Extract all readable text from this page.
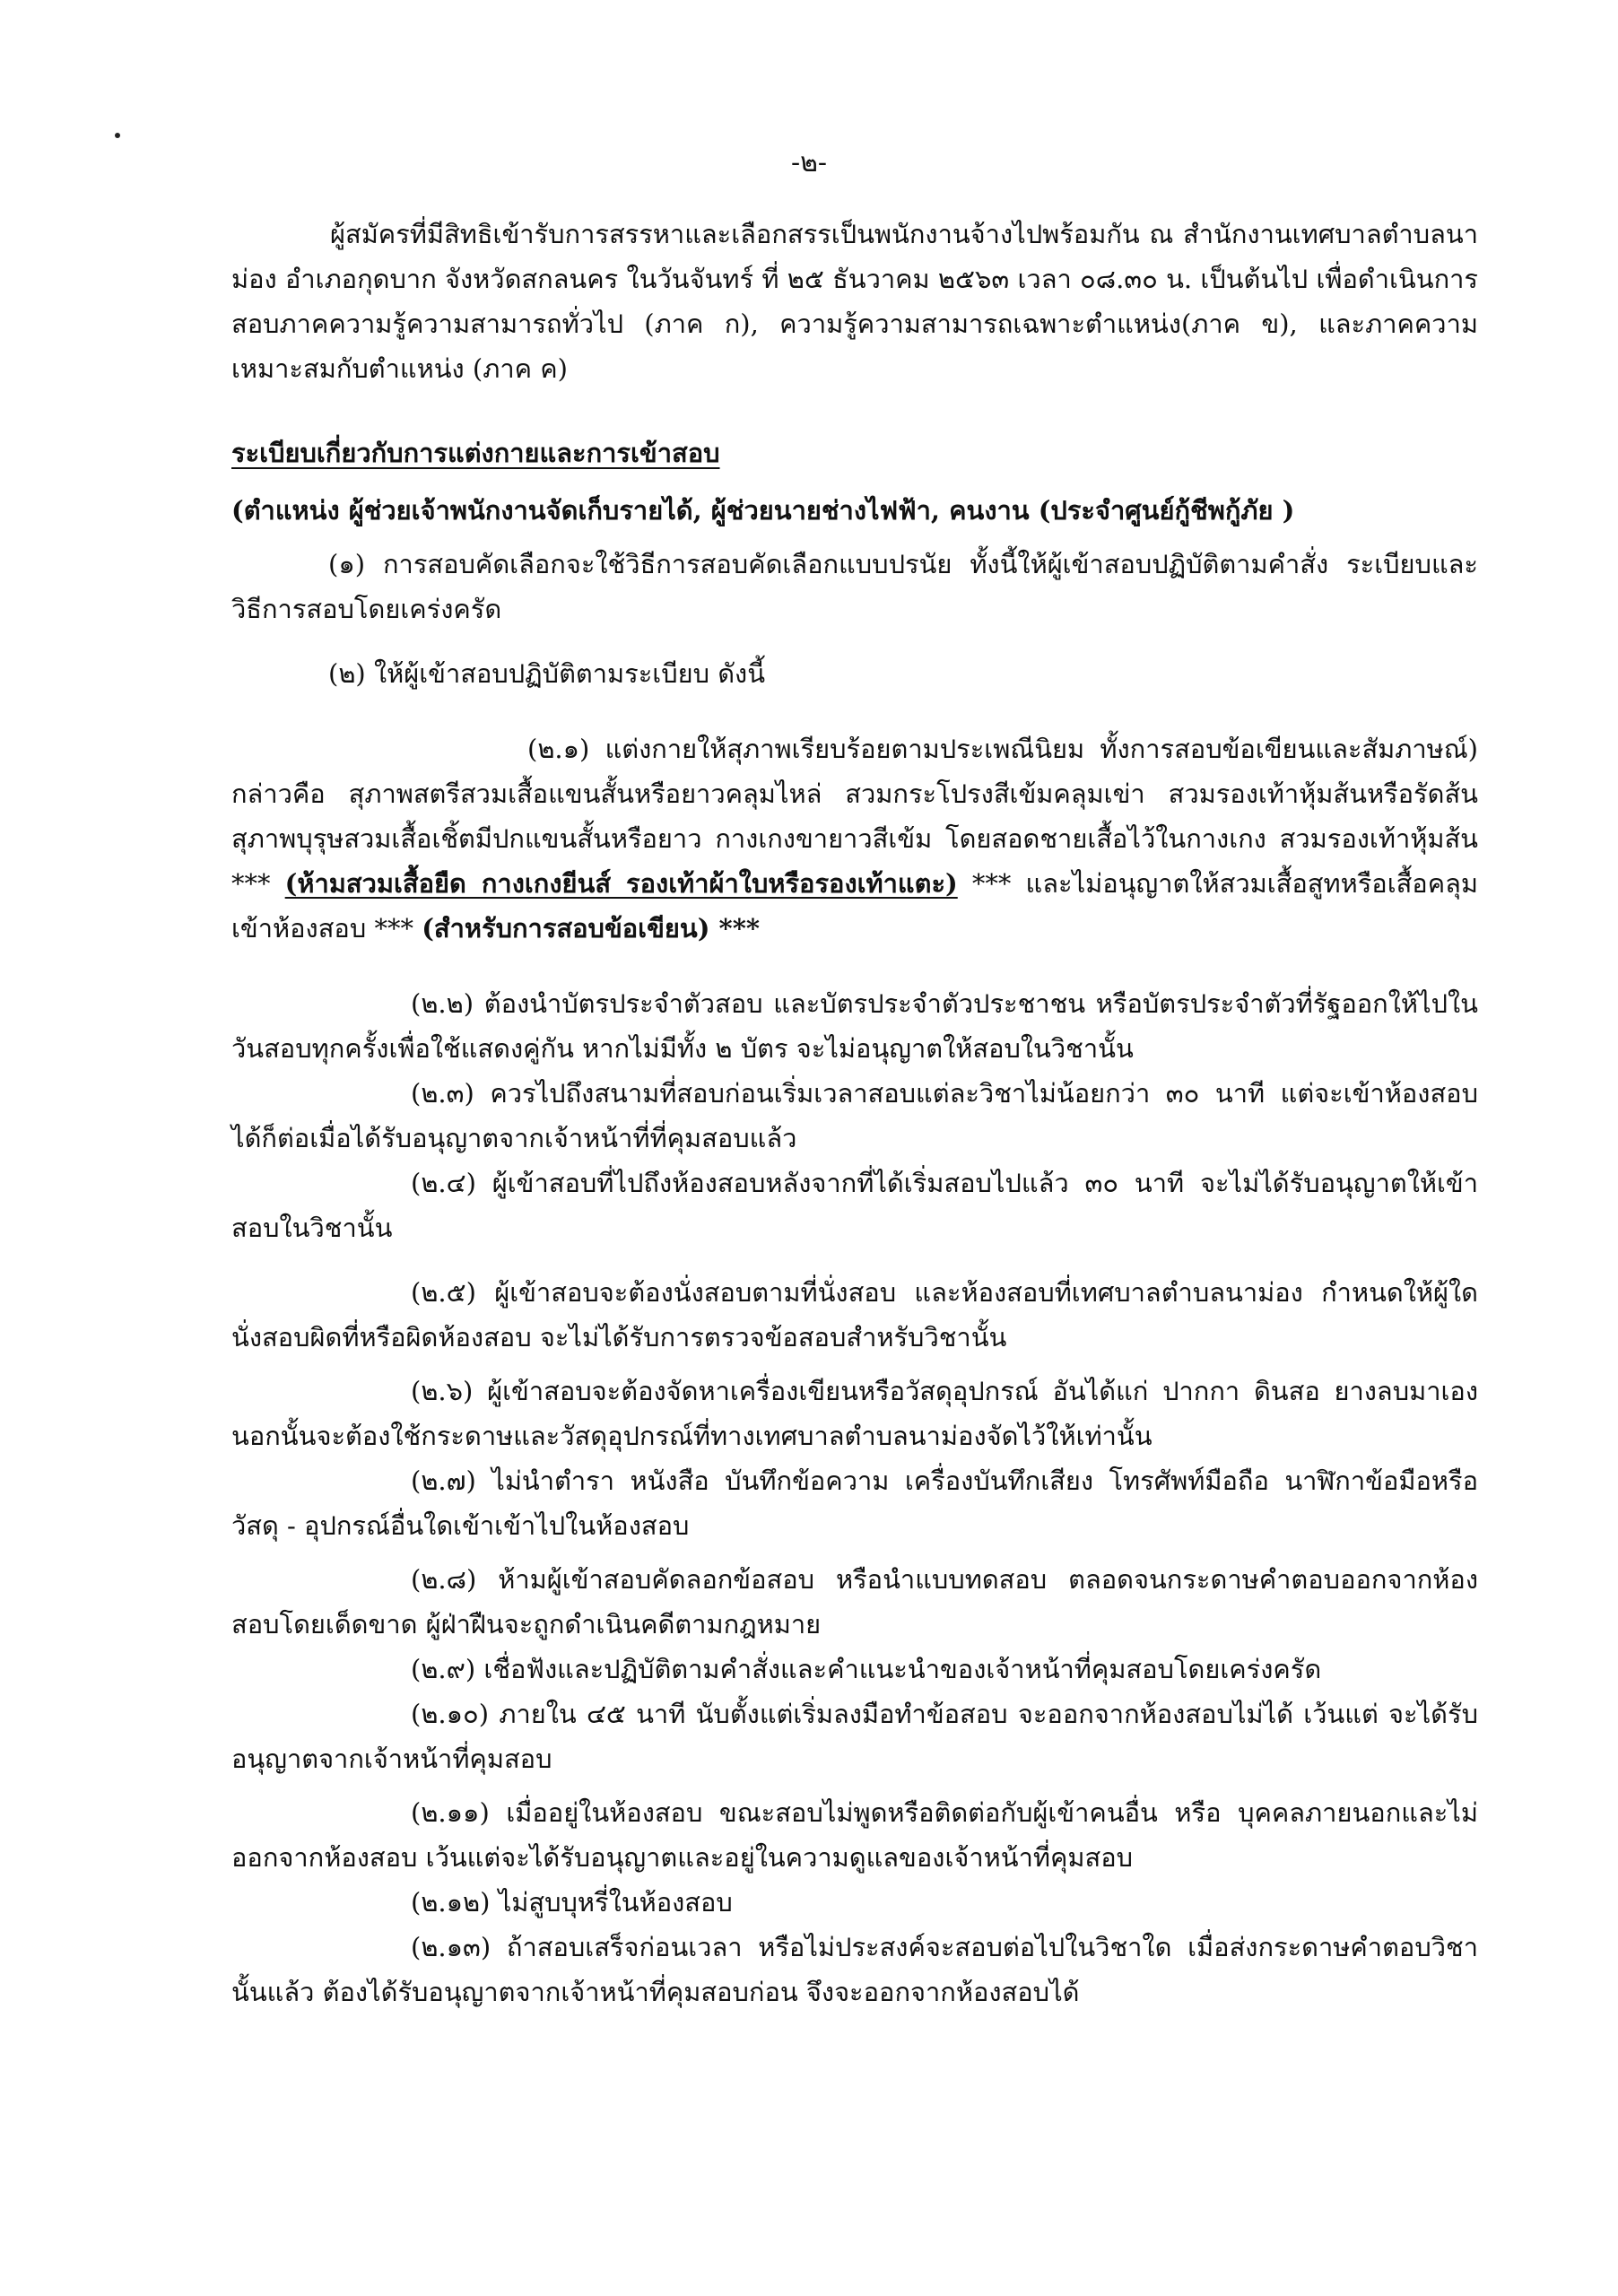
-๒-

ผู้สมัครที่มีสิทธิเข้ารับการสรรหาและเลือกสรรเป็นพนักงานจ้างไปพร้อมกัน ณ สำนักงานเทศบาลตำบลนาม่อง อำเภอกุดบาก จังหวัดสกลนคร ในวันจันทร์ ที่ ๒๕ ธันวาคม ๒๕๖๓ เวลา ๐๘.๓๐ น. เป็นต้นไป เพื่อดำเนินการสอบภาคความรู้ความสามารถทั่วไป (ภาค ก), ความรู้ความสามารถเฉพาะตำแหน่ง(ภาค ข), และภาคความเหมาะสมกับตำแหน่ง (ภาค ค)

ระเบียบเกี่ยวกับการแต่งกายและการเข้าสอบ

(ตำแหน่ง ผู้ช่วยเจ้าพนักงานจัดเก็บรายได้, ผู้ช่วยนายช่างไฟฟ้า, คนงาน (ประจำศูนย์กู้ชีพกู้ภัย )

(๑) การสอบคัดเลือกจะใช้วิธีการสอบคัดเลือกแบบปรนัย ทั้งนี้ให้ผู้เข้าสอบปฏิบัติตามคำสั่ง ระเบียบและวิธีการสอบโดยเคร่งครัด

(๒) ให้ผู้เข้าสอบปฏิบัติตามระเบียบ ดังนี้

(๒.๑) แต่งกายให้สุภาพเรียบร้อยตามประเพณีนิยม ทั้งการสอบข้อเขียนและสัมภาษณ์) กล่าวคือ สุภาพสตรีสวมเสื้อแขนสั้นหรือยาวคลุมไหล่ สวมกระโปรงสีเข้มคลุมเข่า สวมรองเท้าหุ้มส้นหรือรัดส้น สุภาพบุรุษสวมเสื้อเชิ้ตมีปกแขนสั้นหรือยาว กางเกงขายาวสีเข้ม โดยสอดชายเสื้อไว้ในกางเกง สวมรองเท้าหุ้มส้น *** (ห้ามสวมเสื้อยืด กางเกงยีนส์ รองเท้าผ้าใบหรือรองเท้าแตะ) *** และไม่อนุญาตให้สวมเสื้อสูทหรือเสื้อคลุมเข้าห้องสอบ *** (สำหรับการสอบข้อเขียน) ***

(๒.๒) ต้องนำบัตรประจำตัวสอบ และบัตรประจำตัวประชาชน หรือบัตรประจำตัวที่รัฐออกให้ไปในวันสอบทุกครั้งเพื่อใช้แสดงคู่กัน หากไม่มีทั้ง ๒ บัตร จะไม่อนุญาตให้สอบในวิชานั้น

(๒.๓) ควรไปถึงสนามที่สอบก่อนเริ่มเวลาสอบแต่ละวิชาไม่น้อยกว่า ๓๐ นาที แต่จะเข้าห้องสอบได้ก็ต่อเมื่อได้รับอนุญาตจากเจ้าหน้าที่ที่คุมสอบแล้ว

(๒.๔) ผู้เข้าสอบที่ไปถึงห้องสอบหลังจากที่ได้เริ่มสอบไปแล้ว ๓๐ นาที จะไม่ได้รับอนุญาตให้เข้าสอบในวิชานั้น

(๒.๕) ผู้เข้าสอบจะต้องนั่งสอบตามที่นั่งสอบ และห้องสอบที่เทศบาลตำบลนาม่อง กำหนดให้ผู้ใดนั่งสอบผิดที่หรือผิดห้องสอบ จะไม่ได้รับการตรวจข้อสอบสำหรับวิชานั้น

(๒.๖) ผู้เข้าสอบจะต้องจัดหาเครื่องเขียนหรือวัสดุอุปกรณ์ อันได้แก่ ปากกา ดินสอ ยางลบมาเอง นอกนั้นจะต้องใช้กระดาษและวัสดุอุปกรณ์ที่ทางเทศบาลตำบลนาม่องจัดไว้ให้เท่านั้น

(๒.๗) ไม่นำตำรา หนังสือ บันทึกข้อความ เครื่องบันทึกเสียง โทรศัพท์มือถือ นาฬิกาข้อมือหรือวัสดุ - อุปกรณ์อื่นใดเข้าเข้าไปในห้องสอบ

(๒.๘) ห้ามผู้เข้าสอบคัดลอกข้อสอบ หรือนำแบบทดสอบ ตลอดจนกระดาษคำตอบออกจากห้องสอบโดยเด็ดขาด ผู้ฝ่าฝืนจะถูกดำเนินคดีตามกฎหมาย

(๒.๙) เชื่อฟังและปฏิบัติตามคำสั่งและคำแนะนำของเจ้าหน้าที่คุมสอบโดยเคร่งครัด

(๒.๑๐) ภายใน ๔๕ นาที นับตั้งแต่เริ่มลงมือทำข้อสอบ จะออกจากห้องสอบไม่ได้ เว้นแต่ จะได้รับอนุญาตจากเจ้าหน้าที่คุมสอบ

(๒.๑๑) เมื่ออยู่ในห้องสอบ ขณะสอบไม่พูดหรือติดต่อกับผู้เข้าคนอื่น หรือ บุคคลภายนอกและไม่ออกจากห้องสอบ เว้นแต่จะได้รับอนุญาตและอยู่ในความดูแลของเจ้าหน้าที่คุมสอบ

(๒.๑๒) ไม่สูบบุหรี่ในห้องสอบ

(๒.๑๓) ถ้าสอบเสร็จก่อนเวลา หรือไม่ประสงค์จะสอบต่อไปในวิชาใด เมื่อส่งกระดาษคำตอบวิชานั้นแล้ว ต้องได้รับอนุญาตจากเจ้าหน้าที่คุมสอบก่อน จึงจะออกจากห้องสอบได้
